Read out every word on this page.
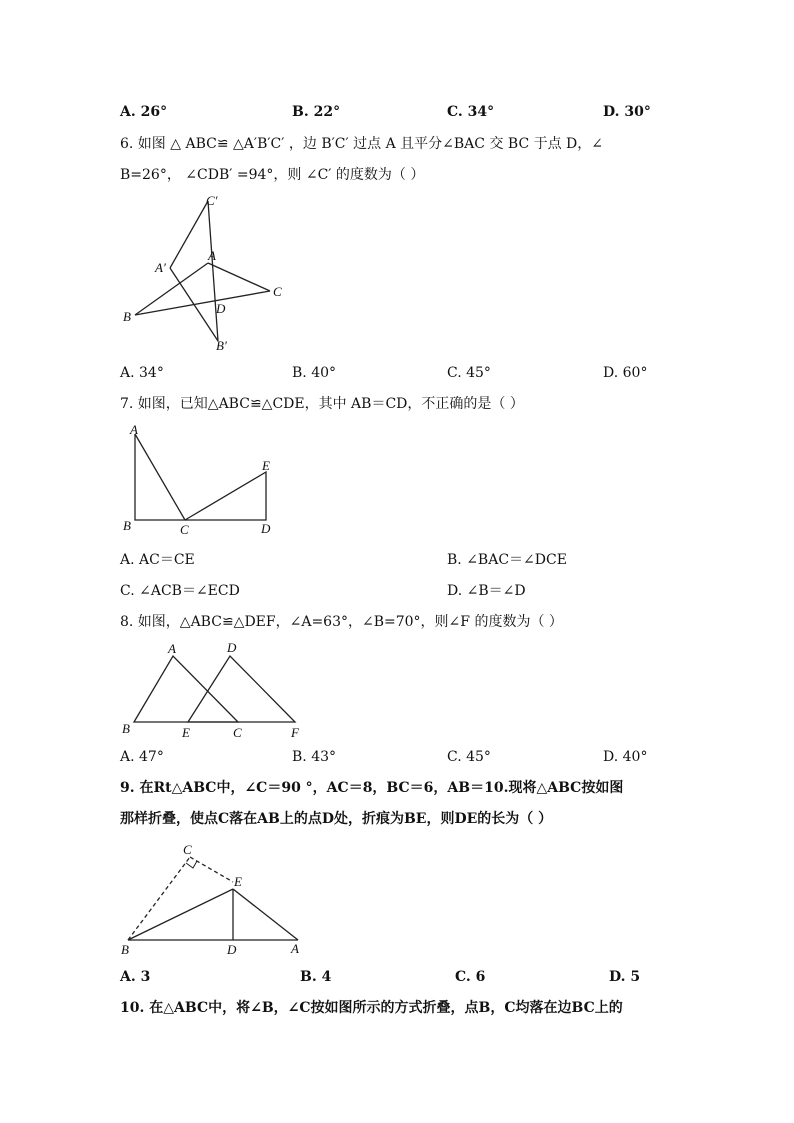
A. 26°	B. 22°	C. 34°	D. 30°
6. 如图 △ ABC≌ △A′B′C′ ，边 B′C′ 过点 A 且平分∠BAC 交 BC 于点 D，∠
B=26°， ∠CDB′ =94°，则 ∠C′ 的度数为（ ）
C′
A′
A
C
B
D
B′
A. 34°	B. 40°	C. 45°	D. 60°
7. 如图，已知△ABC≌△CDE，其中 AB＝CD，不正确的是（ ）
A
E
B	C	D
A. AC＝CE	B. ∠BAC＝∠DCE
C. ∠ACB＝∠ECD	D. ∠B＝∠D
8. 如图，△ABC≌△DEF，∠A=63°，∠B=70°，则∠F 的度数为（ ）
A	D
B	E	C	F
A. 47°	B. 43°	C. 45°	D. 40°
9. 在Rt△ABC中，∠C＝90 °，AC＝8，BC＝6，AB＝10.现将△ABC按如图
那样折叠，使点C落在AB上的点D处，折痕为BE，则DE的长为（ ）
C
E
B	D	A
A. 3	B. 4	C. 6	D. 5
10. 在△ABC中，将∠B，∠C按如图所示的方式折叠，点B，C均落在边BC上的
